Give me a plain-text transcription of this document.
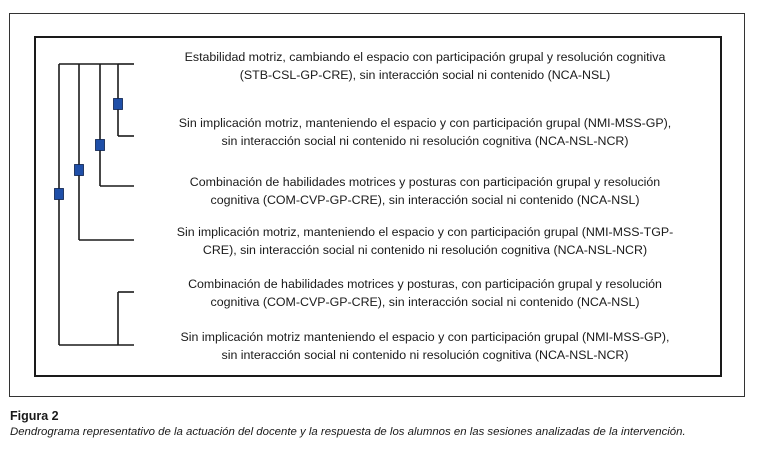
Estabilidad motriz, cambiando el espacio con participación grupal y resolución cognitiva
(STB-CSL-GP-CRE), sin interacción social ni contenido (NCA-NSL)
Sin implicación motriz, manteniendo el espacio y con participación grupal (NMI-MSS-GP),
sin interacción social ni contenido ni resolución cognitiva (NCA-NSL-NCR)
Combinación de habilidades motrices y posturas con participación grupal y resolución
cognitiva (COM-CVP-GP-CRE), sin interacción social ni contenido (NCA-NSL)
Sin implicación motriz, manteniendo el espacio y con participación grupal (NMI-MSS-TGP-
CRE), sin interacción social ni contenido ni resolución cognitiva (NCA-NSL-NCR)
Combinación de habilidades motrices y posturas, con participación grupal y resolución
cognitiva (COM-CVP-GP-CRE), sin interacción social ni contenido (NCA-NSL)
Sin implicación motriz manteniendo el espacio y con participación grupal (NMI-MSS-GP),
sin interacción social ni contenido ni resolución cognitiva (NCA-NSL-NCR)
Figura 2
Dendrograma representativo de la actuación del docente y la respuesta de los alumnos en las sesiones analizadas de la intervención.
